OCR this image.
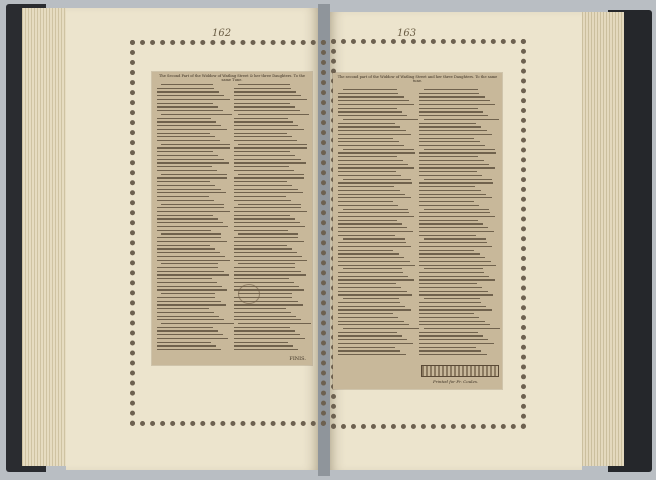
162	163
The Second Part of the Widdow of Watling Street & her three Daughters. To the same Tune.
FINIS.
The second part of the Widdow of Watling Street and her three Daughters. To the same tune.
Printed for Fr. Coules.
